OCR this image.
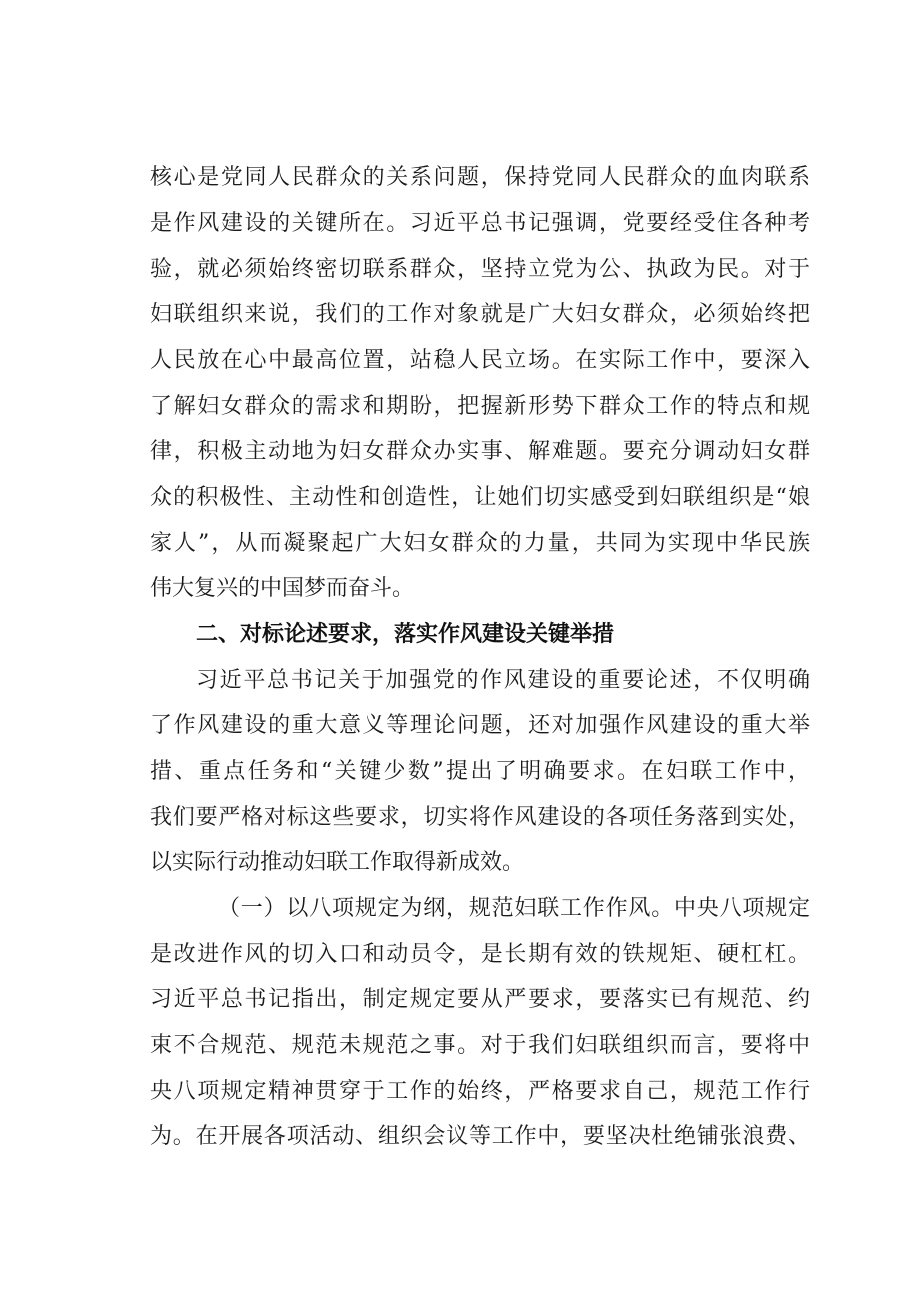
核心是党同人民群众的关系问题，保持党同人民群众的血肉联系
是作风建设的关键所在。习近平总书记强调，党要经受住各种考
验，就必须始终密切联系群众，坚持立党为公、执政为民。对于
妇联组织来说，我们的工作对象就是广大妇女群众，必须始终把
人民放在心中最高位置，站稳人民立场。在实际工作中，要深入
了解妇女群众的需求和期盼，把握新形势下群众工作的特点和规
律，积极主动地为妇女群众办实事、解难题。要充分调动妇女群
众的积极性、主动性和创造性，让她们切实感受到妇联组织是“娘
家人”，从而凝聚起广大妇女群众的力量，共同为实现中华民族
伟大复兴的中国梦而奋斗。
二、对标论述要求，落实作风建设关键举措
习近平总书记关于加强党的作风建设的重要论述，不仅明确
了作风建设的重大意义等理论问题，还对加强作风建设的重大举
措、重点任务和“关键少数”提出了明确要求。在妇联工作中，
我们要严格对标这些要求，切实将作风建设的各项任务落到实处，
以实际行动推动妇联工作取得新成效。
（一）以八项规定为纲，规范妇联工作作风。中央八项规定
是改进作风的切入口和动员令，是长期有效的铁规矩、硬杠杠。
习近平总书记指出，制定规定要从严要求，要落实已有规范、约
束不合规范、规范未规范之事。对于我们妇联组织而言，要将中
央八项规定精神贯穿于工作的始终，严格要求自己，规范工作行
为。在开展各项活动、组织会议等工作中，要坚决杜绝铺张浪费、
